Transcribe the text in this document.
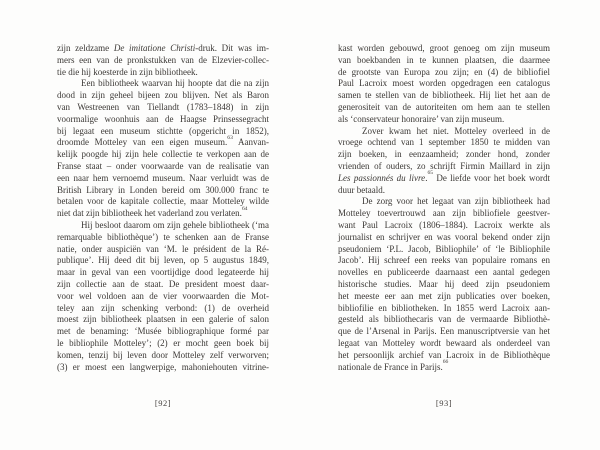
zijn zeldzame De imitatione Christi-druk. Dit was im-
mers een van de pronkstukken van de Elzevier-collec-
tie die hij koesterde in zijn bibliotheek.
Een bibliotheek waarvan hij hoopte dat die na zijn
dood in zijn geheel bijeen zou blijven. Net als Baron
van Westreenen van Tiellandt (1783–1848) in zijn
voormalige woonhuis aan de Haagse Prinsessegracht
bij legaat een museum stichtte (opgericht in 1852),
droomde Motteley van een eigen museum.$^{63}$ Aanvan-
kelijk poogde hij zijn hele collectie te verkopen aan de
Franse staat – onder voorwaarde van de realisatie van
een naar hem vernoemd museum. Naar verluidt was de
British Library in Londen bereid om 300.000 franc te
betalen voor de kapitale collectie, maar Motteley wilde
niet dat zijn bibliotheek het vaderland zou verlaten.$^{64}$
Hij besloot daarom om zijn gehele bibliotheek (‘ma
remarquable bibliothèque’) te schenken aan de Franse
natie, onder auspiciën van ‘M. le président de la Ré-
publique’. Hij deed dit bij leven, op 5 augustus 1849,
maar in geval van een voortijdige dood legateerde hij
zijn collectie aan de staat. De president moest daar-
voor wel voldoen aan de vier voorwaarden die Mot-
teley aan zijn schenking verbond: (1) de overheid
moest zijn bibliotheek plaatsen in een galerie of salon
met de benaming: ‘Musée bibliographique formé par
le bibliophile Motteley’; (2) er mocht geen boek bij
komen, tenzij bij leven door Motteley zelf verworven;
(3) er moest een langwerpige, mahoniehouten vitrine-
[92]
kast worden gebouwd, groot genoeg om zijn museum
van boekbanden in te kunnen plaatsen, die daarmee
de grootste van Europa zou zijn; en (4) de bibliofiel
Paul Lacroix moest worden opgedragen een catalogus
samen te stellen van de bibliotheek. Hij liet het aan de
generositeit van de autoriteiten om hem aan te stellen
als ‘conservateur honoraire’ van zijn museum.
Zover kwam het niet. Motteley overleed in de
vroege ochtend van 1 september 1850 te midden van
zijn boeken, in eenzaamheid; zonder hond, zonder
vrienden of ouders, zo schrijft Firmin Maillard in zijn
Les passionnés du livre.$^{65}$ De liefde voor het boek wordt
duur betaald.
De zorg voor het legaat van zijn bibliotheek had
Motteley toevertrouwd aan zijn bibliofiele geestver-
want Paul Lacroix (1806–1884). Lacroix werkte als
journalist en schrijver en was vooral bekend onder zijn
pseudoniem ‘P.L. Jacob, Bibliophile’ of ‘le Bibliophile
Jacob’. Hij schreef een reeks van populaire romans en
novelles en publiceerde daarnaast een aantal gedegen
historische studies. Maar hij deed zijn pseudoniem
het meeste eer aan met zijn publicaties over boeken,
bibliofilie en bibliotheken. In 1855 werd Lacroix aan-
gesteld als bibliothecaris van de vermaarde Bibliothè-
que de l’Arsenal in Parijs. Een manuscriptversie van het
legaat van Motteley wordt bewaard als onderdeel van
het persoonlijk archief van Lacroix in de Bibliothèque
nationale de France in Parijs.$^{66}$
[93]
